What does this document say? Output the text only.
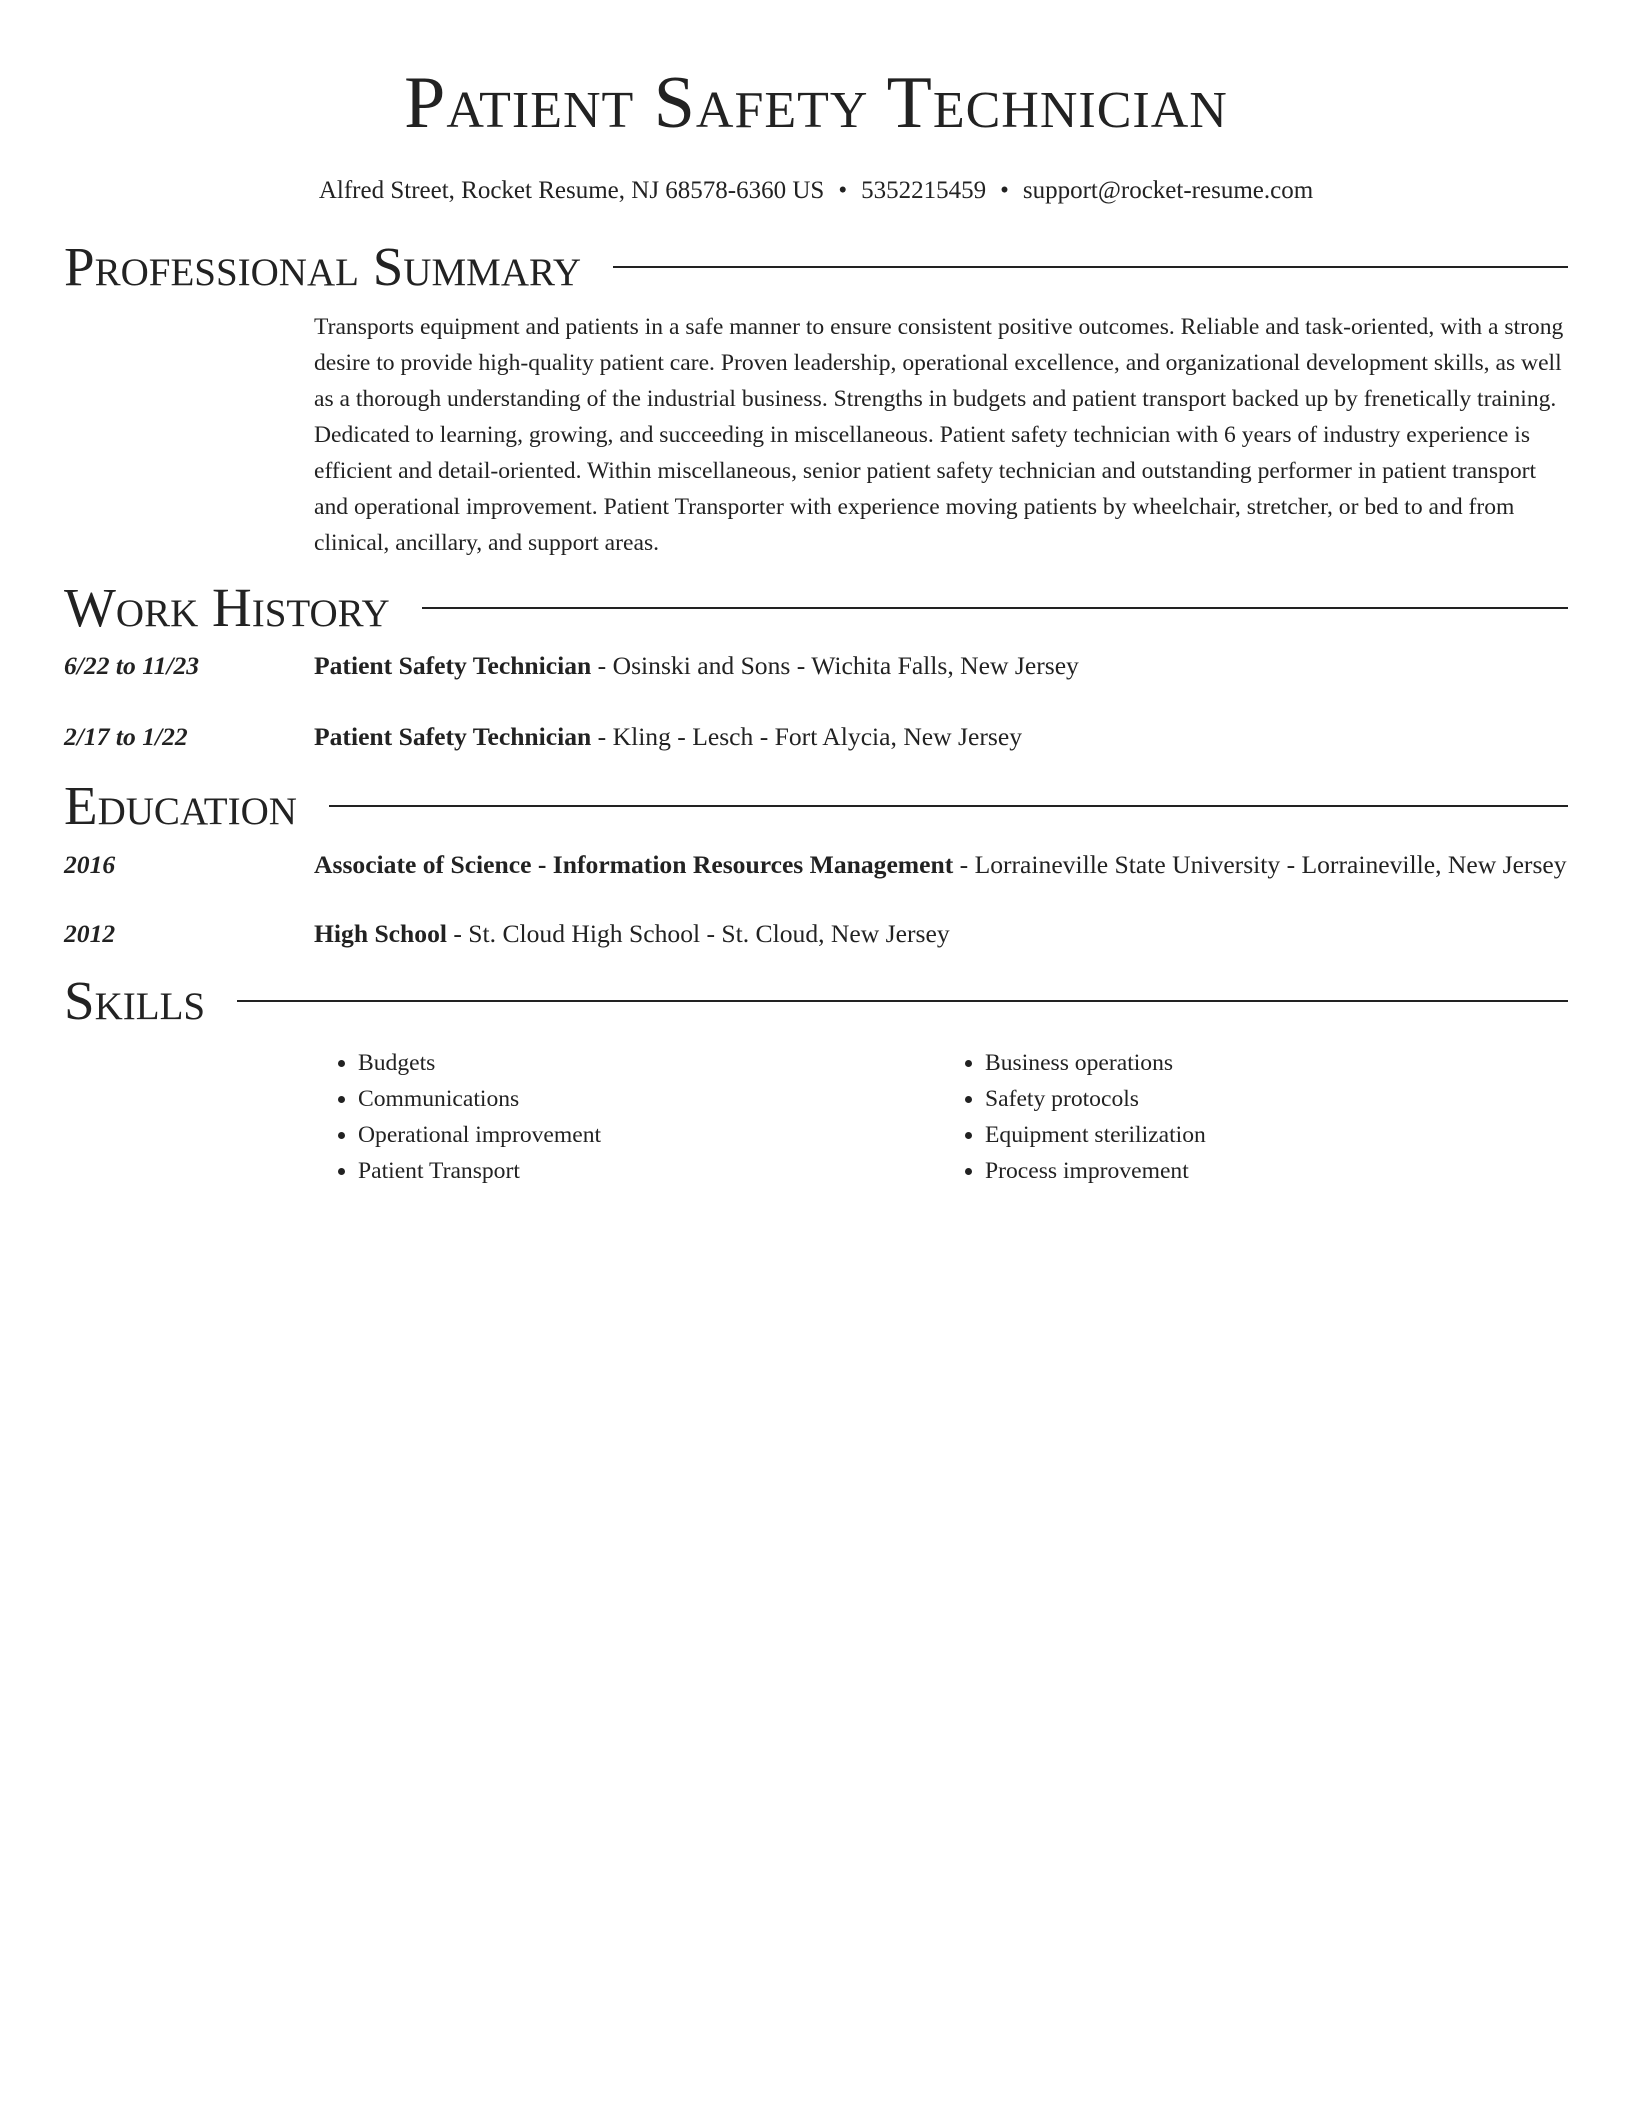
Patient Safety Technician
Alfred Street, Rocket Resume, NJ 68578-6360 US • 5352215459 • support@rocket-resume.com
Professional Summary

Transports equipment and patients in a safe manner to ensure consistent positive outcomes. Reliable and task-oriented, with a strong desire to provide high-quality patient care. Proven leadership, operational excellence, and organizational development skills, as well as a thorough understanding of the industrial business. Strengths in budgets and patient transport backed up by frenetically training. Dedicated to learning, growing, and succeeding in miscellaneous. Patient safety technician with 6 years of industry experience is efficient and detail-oriented. Within miscellaneous, senior patient safety technician and outstanding performer in patient transport and operational improvement. Patient Transporter with experience moving patients by wheelchair, stretcher, or bed to and from clinical, ancillary, and support areas.

Work History
6/22 to 11/23	Patient Safety Technician - Osinski and Sons - Wichita Falls, New Jersey
2/17 to 1/22	Patient Safety Technician - Kling - Lesch - Fort Alycia, New Jersey
Education
2016	Associate of Science - Information Resources Management - Lorraineville State University - Lorraineville, New Jersey
2012	High School - St. Cloud High School - St. Cloud, New Jersey
Skills
• Budgets
• Communications
• Operational improvement
• Patient Transport
• Business operations
• Safety protocols
• Equipment sterilization
• Process improvement
